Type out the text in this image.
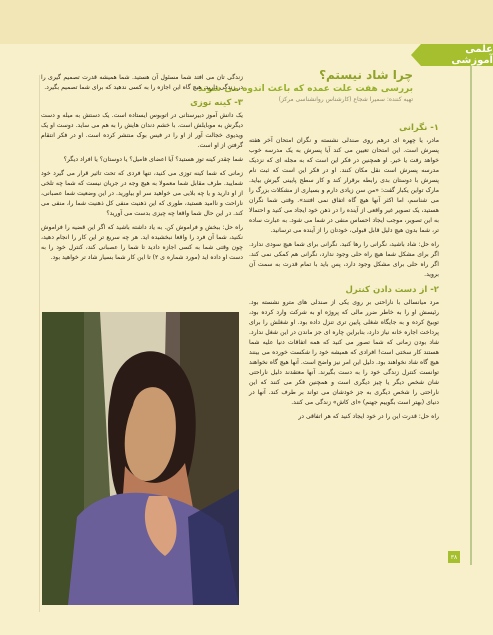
علمی آموزشی
چرا شاد نیستم؟
بررسی هفت علت عمده که باعث اندوه می شوند
تهیه کننده: سمیرا شجاع (کارشناس روانشناسی مرکز)
۱- نگرانی

مادر، یا چهره ای درهم روی صندلی نشسته و نگران امتحان آخر هفته پسرش است. این امتحان تعیین می کند آیا پسرش به یک مدرسه خوب خواهد رفت یا خیر. او همچنین در فکر این است که به مجله ای که نزدیک مدرسه پسرش است نقل مکان کنند. او در فکر این است که ثبت نام پسرش با دوستان بدی رابطه برقرار کند و کار سطح پایینی گیرش بیاید. مارک تواین یکبار گفت: «من سن زیادی دارم و بسیاری از مشکلات بزرگ را می شناسم، اما اکثر آنها هیچ گاه اتفاق نمی افتند». وقتی شما نگران هستید، یک تصویر غیر واقعی از آینده را در ذهن خود ایجاد می کنید و احتمالا به این تصویر، موجب ایجاد احساس منفی در شما می شود. به عبارت ساده تر، شما بدون هیچ دلیل قابل قبولی، خودتان را از آینده می ترسانید.

راه حل: شاد باشید، نگرانی را رها کنید. نگرانی برای شما هیچ سودی ندارد. اگر برای مشکل شما هیچ راه حلی وجود ندارد، نگرانی هم کمکی نمی کند. اگر راه حلی برای مشکل وجود دارد، پس باید با تمام قدرت به سمت آن بروید.

۲- از دست دادن کنترل

مرد میانسالی با ناراحتی بر روی یکی از صندلی های مترو نشسته بود. رئیسش او را به خاطر ضرر مالی که پروژه او به شرکت وارد کرده بود، توبیخ کرده و به جایگاه شغلی پایین تری تنزل داده بود. او شغلش را برای پرداخت اجاره خانه نیاز دارد، بنابراین چاره ای جز ماندن در این شغل ندارد. شاد بودن زمانی که شما تصور می کنید که همه اتفاقات دنیا علیه شما هستند کار سختی است! افرادی که همیشه خود را شکست خورده می بینند هیچ گاه شاد نخواهند بود. دلیل این امر نیز واضح است. آنها هیچ گاه نخواهند توانست کنترل زندگی خود را به دست بگیرند. آنها معتقدند دلیل ناراحتی شان شخص دیگر یا چیز دیگری است و همچنین فکر می کنند که این ناراحتی را شخص دیگری به جز خودشان می تواند بر طرف کند. آنها در دنیای (بهتر است بگوییم جهنم) «ای کاش» زندگی می کنند.

راه حل: قدرت این را در خود ایجاد کنید که هر اتفاقی در

زندگی تان می افتد شما مسئول آن هستید. شما همیشه قدرت تصمیم گیری را در زندگی دارید. هیچ گاه این اجازه را به کسی ندهید که برای شما تصمیم بگیرد.

۳- کینه توزی

یک دانش آموز دبیرستانی در اتوبوس ایستاده است. یک دستش به میله و دست دیگرش به موبایلش است. با خشم دندان هایش را به هم می ساید. دوست او یک ویدیوی خجالت آور از او را در فیس بوک منتشر کرده است. او در فکر انتقام گرفتن از او است.

شما چقدر کینه توز هستید؟ آیا اعضای فامیل؟ یا دوستان؟ یا افراد دیگر؟

زمانی که شما کینه توزی می کنید، تنها فردی که تحت تاثیر قرار می گیرد خود شمایید. طرف مقابل شما معمولا به هیچ وجه در جریان نیست که شما چه تلخی از او دارید و یا چه بلایی می خواهید سر او بیاورید. در این وضعیت شما عصبانی، ناراحت و ناامید هستید، طوری که این ذهنیت منفی کل ذهنیت شما را، منفی می کند. در این حال شما واقعا چه چیزی بدست می آورید؟

راه حل: ببخش و فراموش کن. به یاد داشته باشید که اگر این قضیه را فراموش نکنید، شما آن فرد را واقعا نبخشیده اید. هر چه سریع تر این کار را انجام دهید، چون وقتی شما به کسی اجازه دادید تا شما را عصبانی کند، کنترل خود را به دست او داده اید (مورد شماره ی ۲) تا این کار شما بسیار شاد تر خواهید بود.

۳۸
